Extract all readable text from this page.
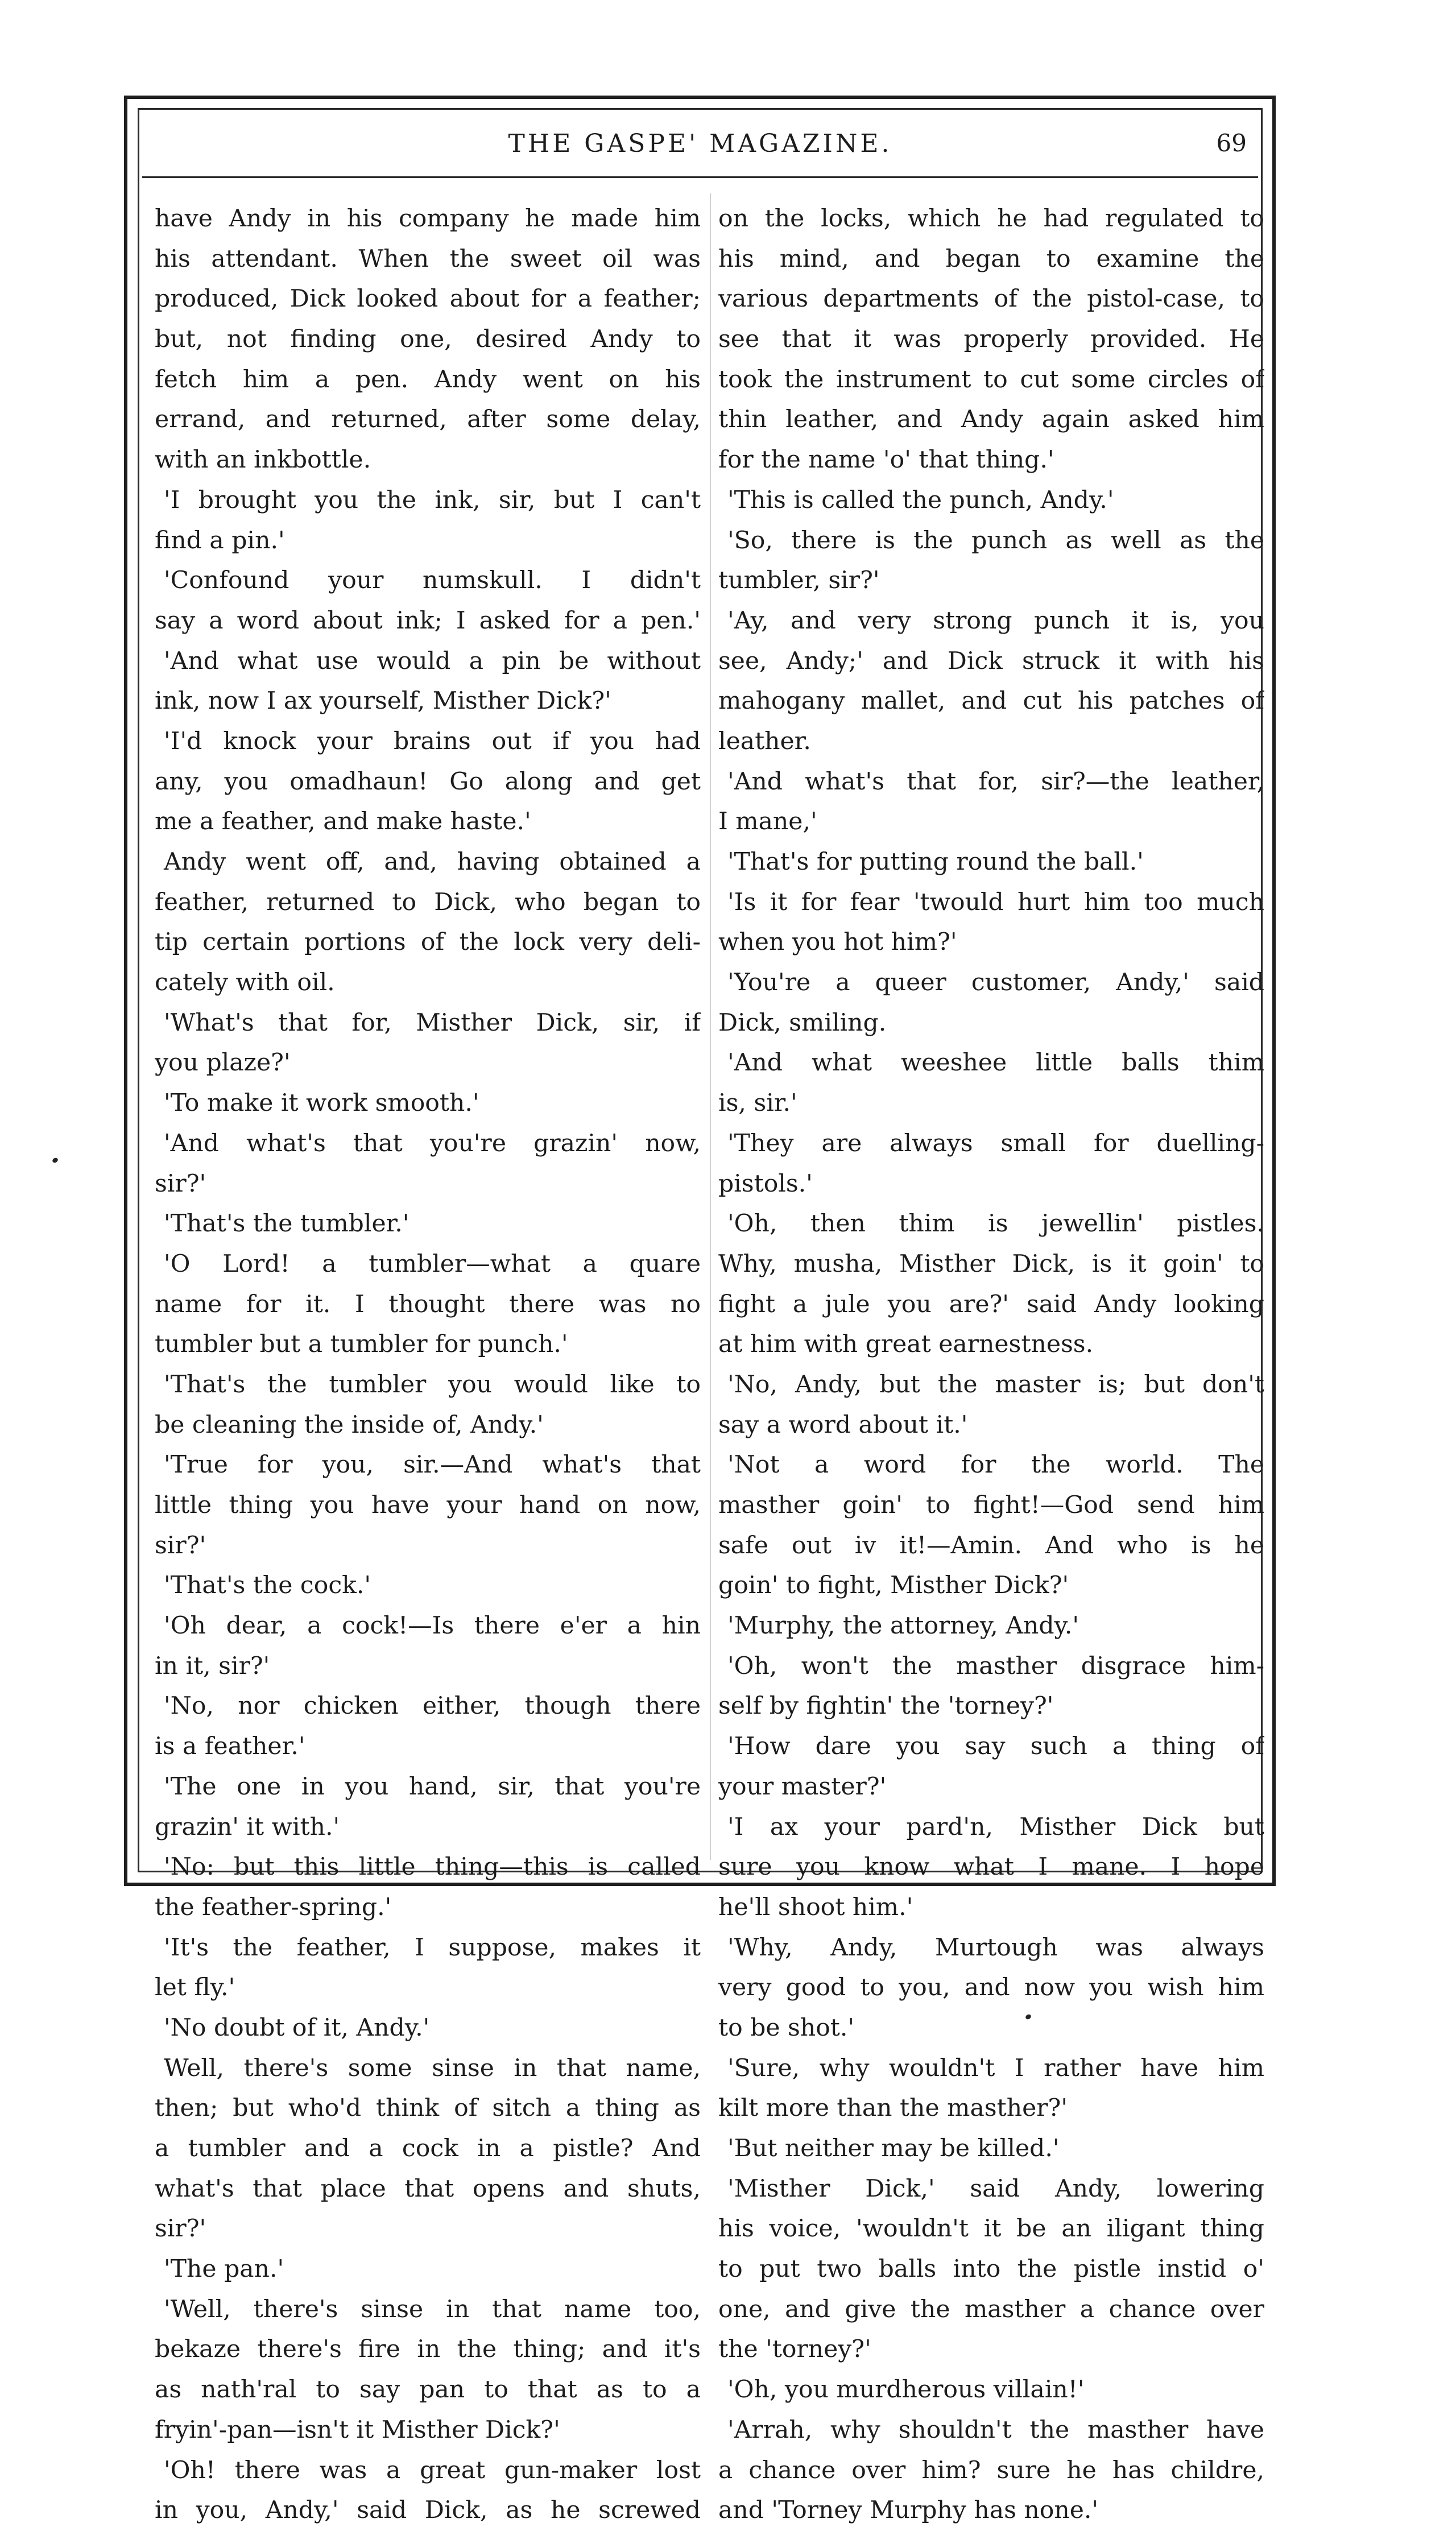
THE GASPE' MAGAZINE.	69
have Andy in his company he made him
his attendant. When the sweet oil was
produced, Dick looked about for a feather;
but, not finding one, desired Andy to
fetch him a pen. Andy went on his
errand, and returned, after some delay,
with an inkbottle.
'I brought you the ink, sir, but I can't
find a pin.'
'Confound your numskull. I didn't
say a word about ink; I asked for a pen.'
'And what use would a pin be without
ink, now I ax yourself, Misther Dick?'
'I'd knock your brains out if you had
any, you omadhaun! Go along and get
me a feather, and make haste.'
Andy went off, and, having obtained a
feather, returned to Dick, who began to
tip certain portions of the lock very deli-
cately with oil.
'What's that for, Misther Dick, sir, if
you plaze?'
'To make it work smooth.'
'And what's that you're grazin' now,
sir?'
'That's the tumbler.'
'O Lord! a tumbler—what a quare
name for it. I thought there was no
tumbler but a tumbler for punch.'
'That's the tumbler you would like to
be cleaning the inside of, Andy.'
'True for you, sir.—And what's that
little thing you have your hand on now,
sir?'
'That's the cock.'
'Oh dear, a cock!—Is there e'er a hin
in it, sir?'
'No, nor chicken either, though there
is a feather.'
'The one in you hand, sir, that you're
grazin' it with.'
'No: but this little thing—this is called
the feather-spring.'
'It's the feather, I suppose, makes it
let fly.'
'No doubt of it, Andy.'
Well, there's some sinse in that name,
then; but who'd think of sitch a thing as
a tumbler and a cock in a pistle? And
what's that place that opens and shuts,
sir?'
'The pan.'
'Well, there's sinse in that name too,
bekaze there's fire in the thing; and it's
as nath'ral to say pan to that as to a
fryin'-pan—isn't it Misther Dick?'
'Oh! there was a great gun-maker lost
in you, Andy,' said Dick, as he screwed
on the locks, which he had regulated to
his mind, and began to examine the
various departments of the pistol-case, to
see that it was properly provided. He
took the instrument to cut some circles of
thin leather, and Andy again asked him
for the name 'o' that thing.'
'This is called the punch, Andy.'
'So, there is the punch as well as the
tumbler, sir?'
'Ay, and very strong punch it is, you
see, Andy;' and Dick struck it with his
mahogany mallet, and cut his patches of
leather.
'And what's that for, sir?—the leather,
I mane,'
'That's for putting round the ball.'
'Is it for fear 'twould hurt him too much
when you hot him?'
'You're a queer customer, Andy,' said
Dick, smiling.
'And what weeshee little balls thim
is, sir.'
'They are always small for duelling-
pistols.'
'Oh, then thim is jewellin' pistles.
Why, musha, Misther Dick, is it goin' to
fight a jule you are?' said Andy looking
at him with great earnestness.
'No, Andy, but the master is; but don't
say a word about it.'
'Not a word for the world. The
masther goin' to fight!—God send him
safe out iv it!—Amin. And who is he
goin' to fight, Misther Dick?'
'Murphy, the attorney, Andy.'
'Oh, won't the masther disgrace him-
self by fightin' the 'torney?'
'How dare you say such a thing of
your master?'
'I ax your pard'n, Misther Dick but
sure you know what I mane. I hope
he'll shoot him.'
'Why, Andy, Murtough was always
very good to you, and now you wish him
to be shot.'
'Sure, why wouldn't I rather have him
kilt more than the masther?'
'But neither may be killed.'
'Misther Dick,' said Andy, lowering
his voice, 'wouldn't it be an iligant thing
to put two balls into the pistle instid o'
one, and give the masther a chance over
the 'torney?'
'Oh, you murdherous villain!'
'Arrah, why shouldn't the masther have
a chance over him? sure he has childre,
and 'Torney Murphy has none.'
